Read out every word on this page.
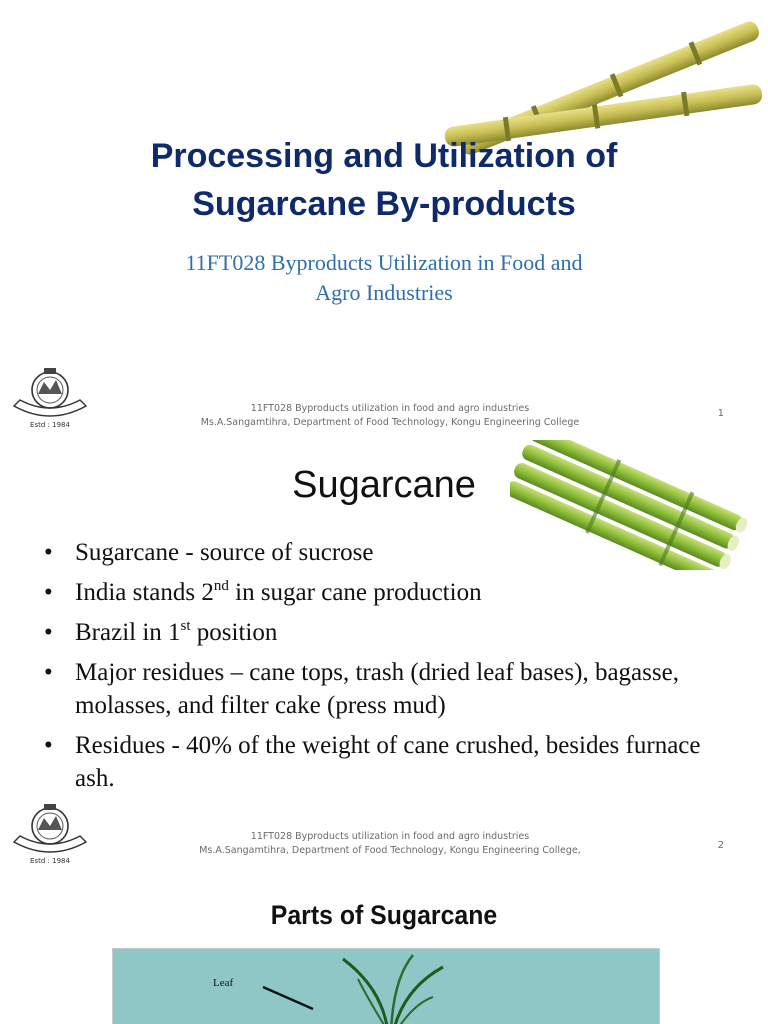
Processing and Utilization of
Sugarcane By-products

11FT028 Byproducts Utilization in Food and
Agro Industries

Estd : 1984
11FT028 Byproducts utilization in food and agro industries
Ms.A.Sangamtihra, Department of Food Technology, Kongu Engineering College
1
Sugarcane
• Sugarcane - source of sucrose
• India stands 2nd in sugar cane production
• Brazil in 1st position
• Major residues – cane tops, trash (dried leaf bases), bagasse, molasses, and filter cake (press mud)
• Residues - 40% of the weight of cane crushed, besides furnace ash.
Estd : 1984
11FT028 Byproducts utilization in food and agro industries
Ms.A.Sangamtihra, Department of Food Technology, Kongu Engineering College,	2
Parts of Sugarcane
Leaf
